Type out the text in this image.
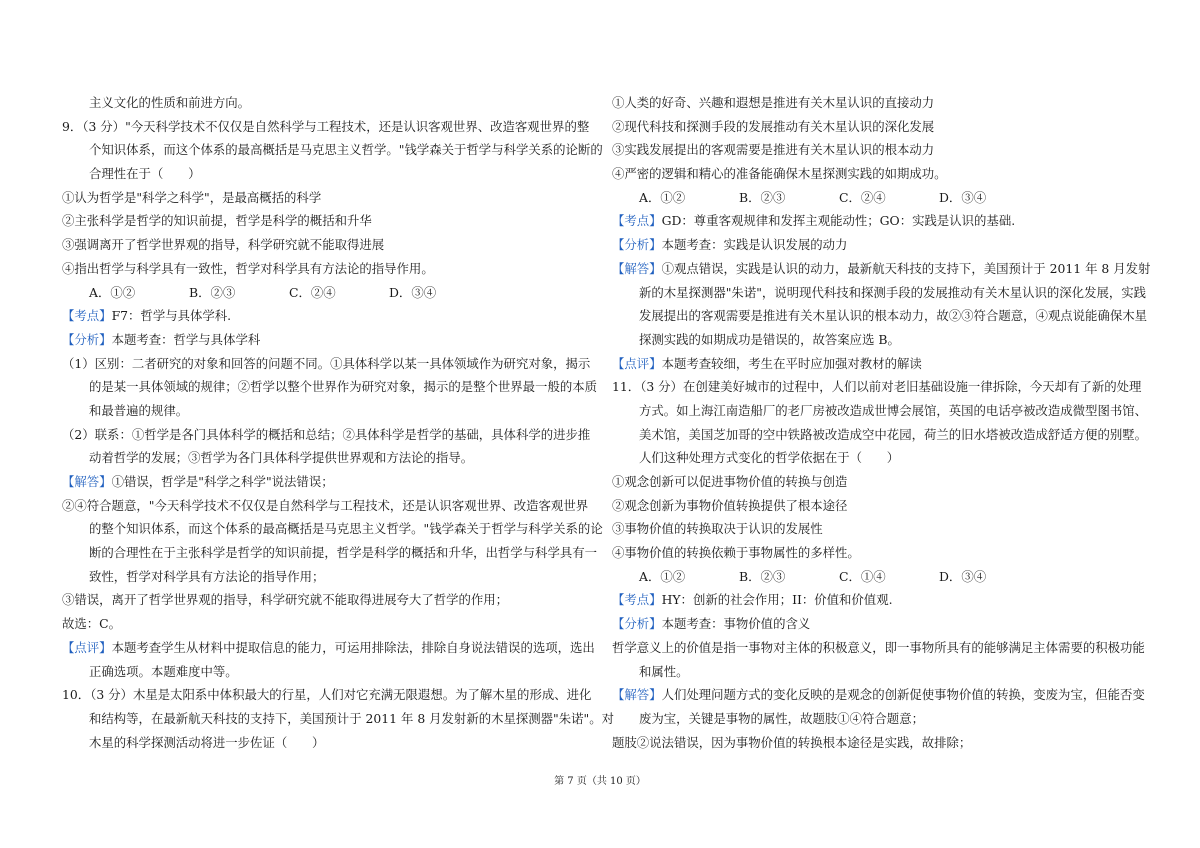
主义文化的性质和前进方向。
9．（3 分）"今天科学技术不仅仅是自然科学与工程技术，还是认识客观世界、改造客观世界的整
个知识体系，而这个体系的最高概括是马克思主义哲学。"钱学森关于哲学与科学关系的论断的
合理性在于（　　）
①认为哲学是"科学之科学"，是最高概括的科学
②主张科学是哲学的知识前提，哲学是科学的概括和升华
③强调离开了哲学世界观的指导，科学研究就不能取得进展
④指出哲学与科学具有一致性，哲学对科学具有方法论的指导作用。
A．①②	B．②③	C．②④	D．③④
【考点】F7：哲学与具体学科.
【分析】本题考查：哲学与具体学科
（1）区别：二者研究的对象和回答的问题不同。①具体科学以某一具体领域作为研究对象，揭示
的是某一具体领域的规律；②哲学以整个世界作为研究对象，揭示的是整个世界最一般的本质
和最普遍的规律。
（2）联系：①哲学是各门具体科学的概括和总结；②具体科学是哲学的基础，具体科学的进步推
动着哲学的发展；③哲学为各门具体科学提供世界观和方法论的指导。
【解答】①错误，哲学是"科学之科学"说法错误；
②④符合题意，"今天科学技术不仅仅是自然科学与工程技术，还是认识客观世界、改造客观世界
的整个知识体系，而这个体系的最高概括是马克思主义哲学。"钱学森关于哲学与科学关系的论
断的合理性在于主张科学是哲学的知识前提，哲学是科学的概括和升华，出哲学与科学具有一
致性，哲学对科学具有方法论的指导作用；
③错误，离开了哲学世界观的指导，科学研究就不能取得进展夸大了哲学的作用；
故选：C。
【点评】本题考查学生从材料中提取信息的能力，可运用排除法，排除自身说法错误的选项，选出
正确选项。本题难度中等。
10．（3 分）木星是太阳系中体积最大的行星，人们对它充满无限遐想。为了解木星的形成、进化
和结构等，在最新航天科技的支持下，美国预计于 2011 年 8 月发射新的木星探测器"朱诺"。对
木星的科学探测活动将进一步佐证（　　）
①人类的好奇、兴趣和遐想是推进有关木星认识的直接动力
②现代科技和探测手段的发展推动有关木星认识的深化发展
③实践发展提出的客观需要是推进有关木星认识的根本动力
④严密的逻辑和精心的准备能确保木星探测实践的如期成功。
A．①②	B．②③	C．②④	D．③④
【考点】GD：尊重客观规律和发挥主观能动性；GO：实践是认识的基础.
【分析】本题考查：实践是认识发展的动力
【解答】①观点错误，实践是认识的动力，最新航天科技的支持下，美国预计于 2011 年 8 月发射
新的木星探测器"朱诺"，说明现代科技和探测手段的发展推动有关木星认识的深化发展，实践
发展提出的客观需要是推进有关木星认识的根本动力，故②③符合题意，④观点说能确保木星
探测实践的如期成功是错误的，故答案应选 B。
【点评】本题考查较细，考生在平时应加强对教材的解读
11．（3 分）在创建美好城市的过程中，人们以前对老旧基础设施一律拆除，今天却有了新的处理
方式。如上海江南造船厂的老厂房被改造成世博会展馆，英国的电话亭被改造成微型图书馆、
美术馆，美国芝加哥的空中铁路被改造成空中花园，荷兰的旧水塔被改造成舒适方便的别墅。
人们这种处理方式变化的哲学依据在于（　　）
①观念创新可以促进事物价值的转换与创造
②观念创新为事物价值转换提供了根本途径
③事物价值的转换取决于认识的发展性
④事物价值的转换依赖于事物属性的多样性。
A．①②	B．②③	C．①④	D．③④
【考点】HY：创新的社会作用；II：价值和价值观.
【分析】本题考查：事物价值的含义
哲学意义上的价值是指一事物对主体的积极意义，即一事物所具有的能够满足主体需要的积极功能
和属性。
【解答】人们处理问题方式的变化反映的是观念的创新促使事物价值的转换，变废为宝，但能否变
废为宝，关键是事物的属性，故题肢①④符合题意；
题肢②说法错误，因为事物价值的转换根本途径是实践，故排除；
第 7 页（共 10 页）
